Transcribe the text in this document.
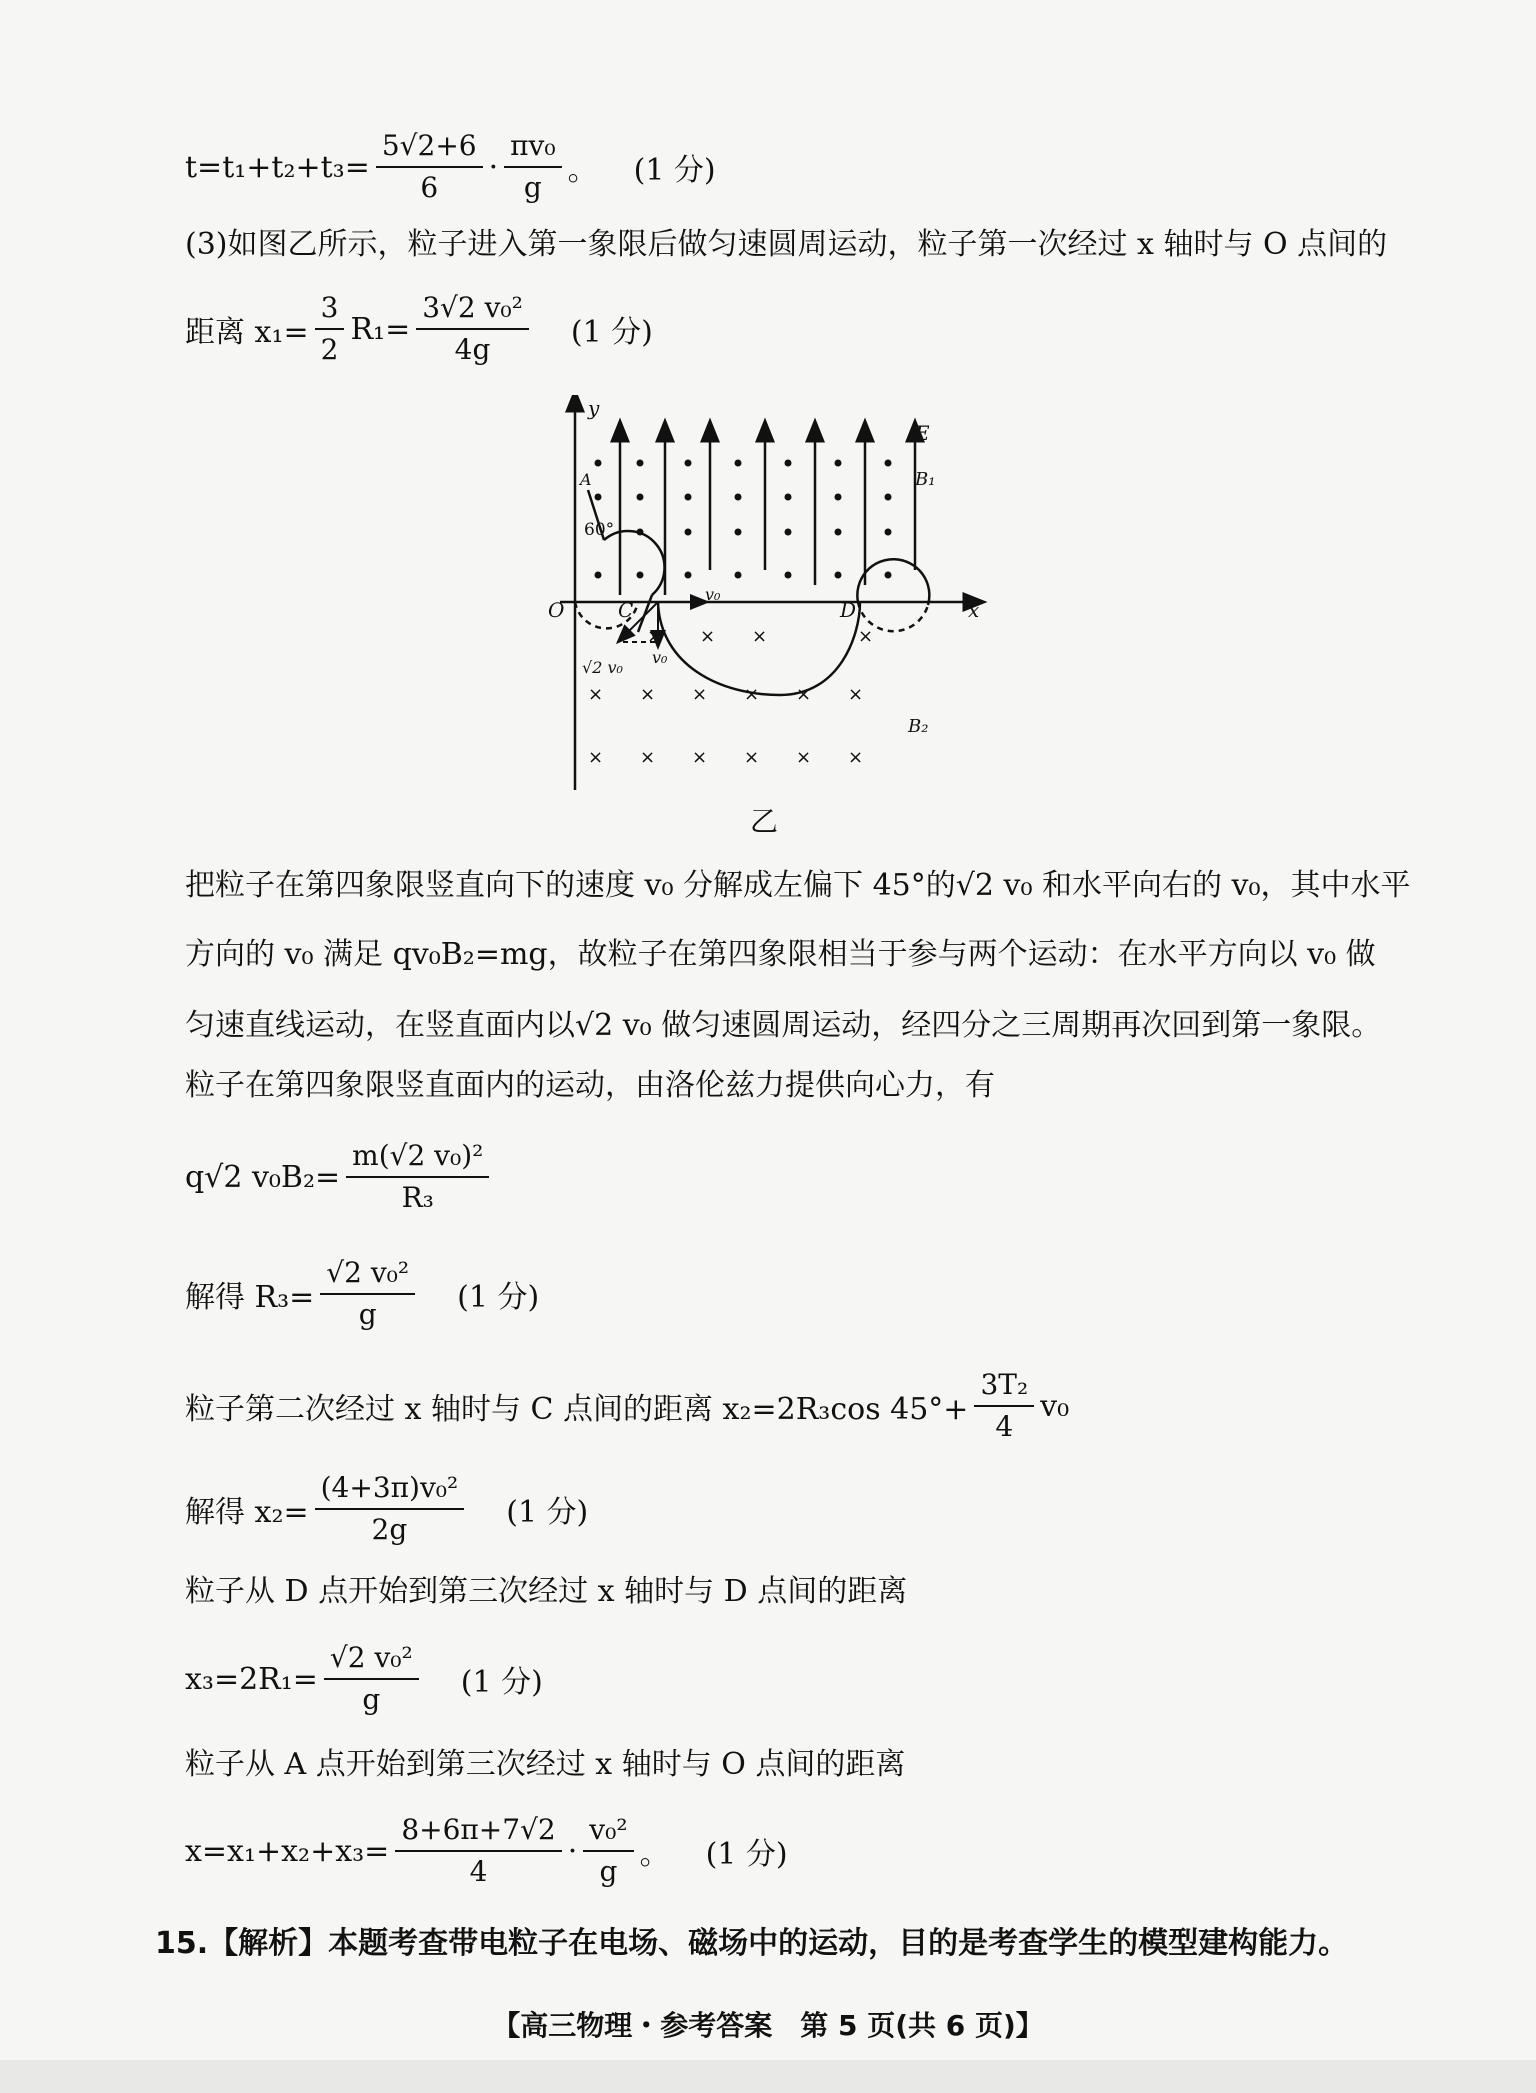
$t=t_1+t_2+t_3= \frac{5√2+6}{6} \cdot \frac{\text{πv₀}}{g}$ 。 (1 分)
(3)如图乙所示，粒子进入第一象限后做匀速圆周运动，粒子第一次经过 x 轴时与 O 点间的
距离 $x_1= \frac{3}{2} R_1= \frac{\text{3√2 v₀²}}{4g} (1$ 分)
y
x
E
B₁
× × ×	×
× × × × × ×
× × × × × ×
B₂
O	C	D
A
60°
v₀
v₀
√2 v₀
乙
把粒子在第四象限竖直向下的速度 v₀ 分解成左偏下 45°的√2 v₀ 和水平向右的 v₀，其中水平
方向的 v₀ 满足 qv₀B₂=mg，故粒子在第四象限相当于参与两个运动：在水平方向以 v₀ 做
匀速直线运动，在竖直面内以√2 v₀ 做匀速圆周运动，经四分之三周期再次回到第一象限。
粒子在第四象限竖直面内的运动，由洛伦兹力提供向心力，有
q√2 $v_0B_2= \frac{\text{m(√2 v₀)²}}{\text{R₃}}$
解得 $R_3= \frac{\text{√2 v₀²}}{g} (1$ 分)
粒子第二次经过 x 轴时与 C 点间的距离 x₂=2R₃cos $45^\circ+ \frac{\text{3T₂}}{4} v_0$
解得 $x_2= \frac{\text{(4+3π)v₀²}}{2g} (1$ 分)
粒子从 D 点开始到第三次经过 x 轴时与 D 点间的距离
$x_3=2R_1= \frac{\text{√2 v₀²}}{g} (1$ 分)
粒子从 A 点开始到第三次经过 x 轴时与 O 点间的距离
$x=x_1+x_2+x_3= \frac{8+6\pi+7√2}{4} \cdot \frac{\text{v₀²}}{g}$ 。 (1 分)
15.【解析】本题考查带电粒子在电场、磁场中的运动，目的是考查学生的模型建构能力。
【高三物理・参考答案　第 5 页(共 6 页)】
